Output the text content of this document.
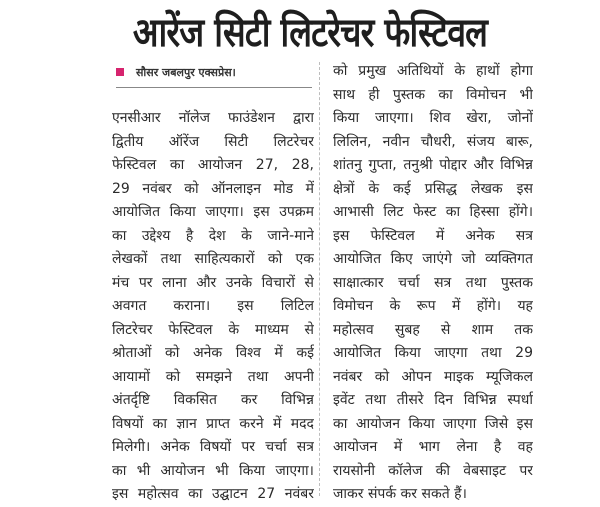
आरेंज सिटी लिटरेचर फेस्टिवल
सौसर जबलपुर एक्सप्रेस।
एनसीआर नॉलेज फाउंडेशन द्वारा
द्वितीय ऑरेंज सिटी लिटरेचर
फेस्टिवल का आयोजन 27, 28,
29 नवंबर को ऑनलाइन मोड में
आयोजित किया जाएगा। इस उपक्रम
का उद्देश्य है देश के जाने-माने
लेखकों तथा साहित्यकारों को एक
मंच पर लाना और उनके विचारों से
अवगत कराना। इस लिटिल
लिटरेचर फेस्टिवल के माध्यम से
श्रोताओं को अनेक विश्व में कई
आयामों को समझने तथा अपनी
अंतर्दृष्टि विकसित कर विभिन्न
विषयों का ज्ञान प्राप्त करने में मदद
मिलेगी। अनेक विषयों पर चर्चा सत्र
का भी आयोजन भी किया जाएगा।
इस महोत्सव का उद्घाटन 27 नवंबर
को प्रमुख अतिथियों के हाथों होगा
साथ ही पुस्तक का विमोचन भी
किया जाएगा। शिव खेरा, जोनों
लिलिन, नवीन चौधरी, संजय बारू,
शांतनु गुप्ता, तनुश्री पोद्दार और विभिन्न
क्षेत्रों के कई प्रसिद्ध लेखक इस
आभासी लिट फेस्ट का हिस्सा होंगे।
इस फेस्टिवल में अनेक सत्र
आयोजित किए जाएंगे जो व्यक्तिगत
साक्षात्कार चर्चा सत्र तथा पुस्तक
विमोचन के रूप में होंगे। यह
महोत्सव सुबह से शाम तक
आयोजित किया जाएगा तथा 29
नवंबर को ओपन माइक म्यूजिकल
इवेंट तथा तीसरे दिन विभिन्न स्पर्धा
का आयोजन किया जाएगा जिसे इस
आयोजन में भाग लेना है वह
रायसोनी कॉलेज की वेबसाइट पर
जाकर संपर्क कर सकते हैं।
